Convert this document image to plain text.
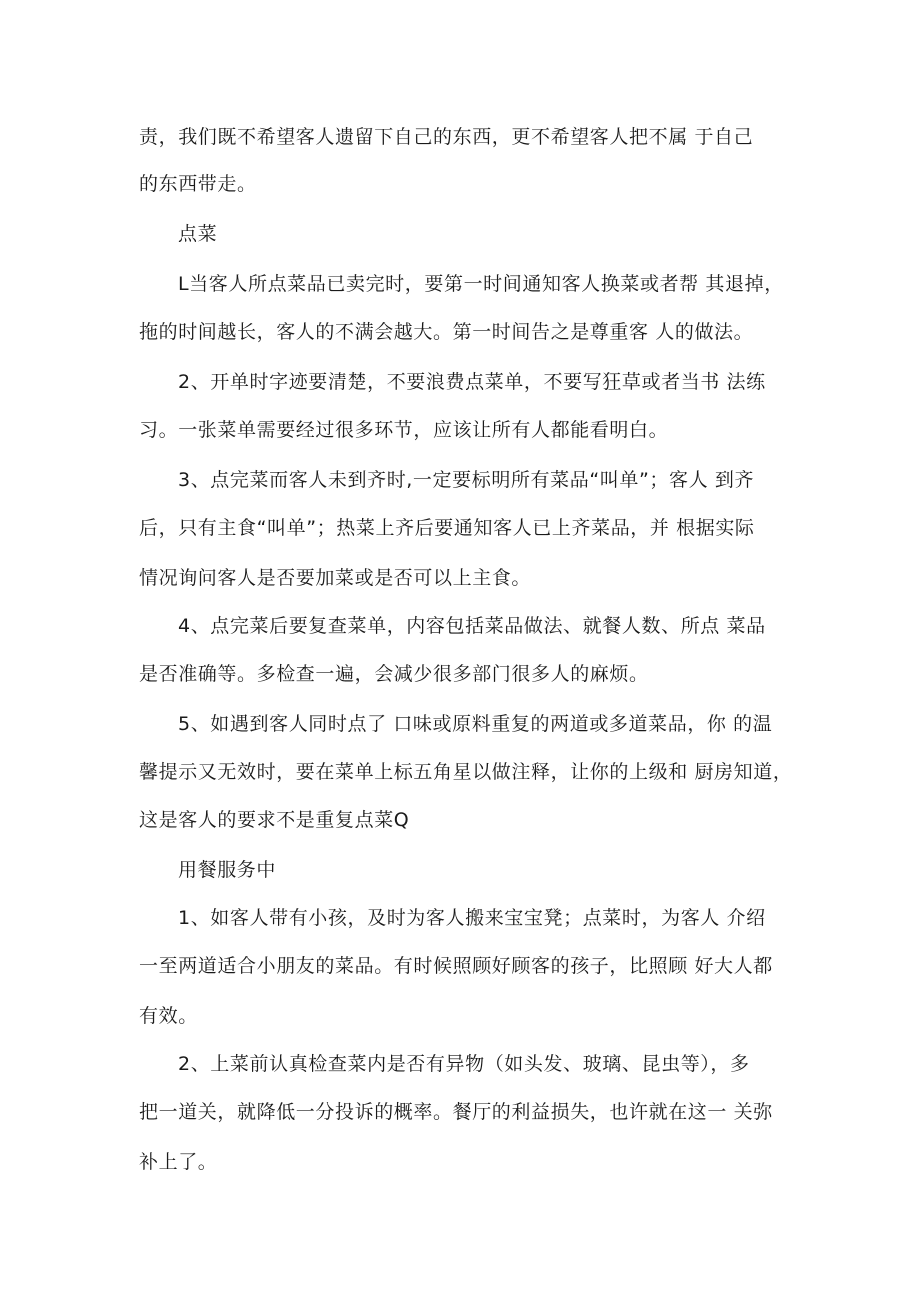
责，我们既不希望客人遗留下自己的东西，更不希望客人把不属 于自己
的东西带走。
点菜
L当客人所点菜品已卖完时，要第一时间通知客人换菜或者帮 其退掉，
拖的时间越长，客人的不满会越大。第一时间告之是尊重客 人的做法。
2、开单时字迹要清楚，不要浪费点菜单，不要写狂草或者当书 法练
习。一张菜单需要经过很多环节，应该让所有人都能看明白。
3、点完菜而客人未到齐时,一定要标明所有菜品“叫单”；客人 到齐
后，只有主食“叫单”；热菜上齐后要通知客人已上齐菜品，并 根据实际
情况询问客人是否要加菜或是否可以上主食。
4、点完菜后要复查菜单，内容包括菜品做法、就餐人数、所点 菜品
是否准确等。多检查一遍，会减少很多部门很多人的麻烦。
5、如遇到客人同时点了 口味或原料重复的两道或多道菜品，你 的温
馨提示又无效时，要在菜单上标五角星以做注释，让你的上级和 厨房知道，
这是客人的要求不是重复点菜Q
用餐服务中
1、如客人带有小孩，及时为客人搬来宝宝凳；点菜时，为客人 介绍
一至两道适合小朋友的菜品。有时候照顾好顾客的孩子，比照顾 好大人都
有效。
2、上菜前认真检查菜内是否有异物（如头发、玻璃、昆虫等），多
把一道关，就降低一分投诉的概率。餐厅的利益损失，也许就在这一 关弥
补上了。
